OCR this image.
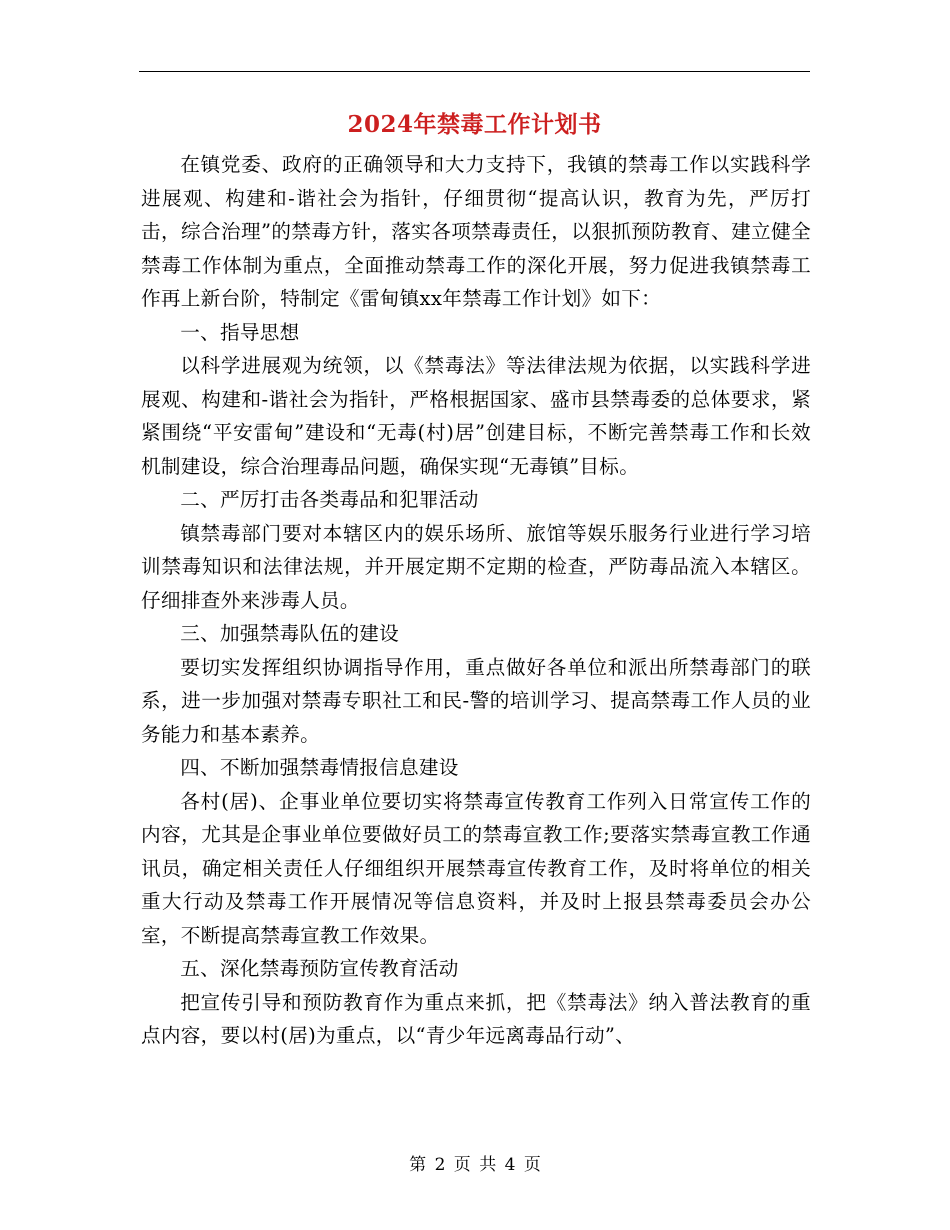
2024年禁毒工作计划书

在镇党委、政府的正确领导和大力支持下，我镇的禁毒工作以实践科学进展观、构建和-谐社会为指针，仔细贯彻“提高认识，教育为先，严厉打击，综合治理”的禁毒方针，落实各项禁毒责任，以狠抓预防教育、建立健全禁毒工作体制为重点，全面推动禁毒工作的深化开展，努力促进我镇禁毒工作再上新台阶，特制定《雷甸镇xx年禁毒工作计划》如下：

一、指导思想

以科学进展观为统领，以《禁毒法》等法律法规为依据，以实践科学进展观、构建和-谐社会为指针，严格根据国家、盛市县禁毒委的总体要求，紧紧围绕“平安雷甸”建设和“无毒(村)居”创建目标，不断完善禁毒工作和长效机制建设，综合治理毒品问题，确保实现“无毒镇”目标。

二、严厉打击各类毒品和犯罪活动

镇禁毒部门要对本辖区内的娱乐场所、旅馆等娱乐服务行业进行学习培训禁毒知识和法律法规，并开展定期不定期的检查，严防毒品流入本辖区。仔细排查外来涉毒人员。

三、加强禁毒队伍的建设

要切实发挥组织协调指导作用，重点做好各单位和派出所禁毒部门的联系，进一步加强对禁毒专职社工和民-警的培训学习、提高禁毒工作人员的业务能力和基本素养。

四、不断加强禁毒情报信息建设

各村(居)、企事业单位要切实将禁毒宣传教育工作列入日常宣传工作的内容，尤其是企事业单位要做好员工的禁毒宣教工作;要落实禁毒宣教工作通讯员，确定相关责任人仔细组织开展禁毒宣传教育工作，及时将单位的相关重大行动及禁毒工作开展情况等信息资料，并及时上报县禁毒委员会办公室，不断提高禁毒宣教工作效果。

五、深化禁毒预防宣传教育活动

把宣传引导和预防教育作为重点来抓，把《禁毒法》纳入普法教育的重点内容，要以村(居)为重点，以“青少年远离毒品行动”、

第 2 页 共 4 页
